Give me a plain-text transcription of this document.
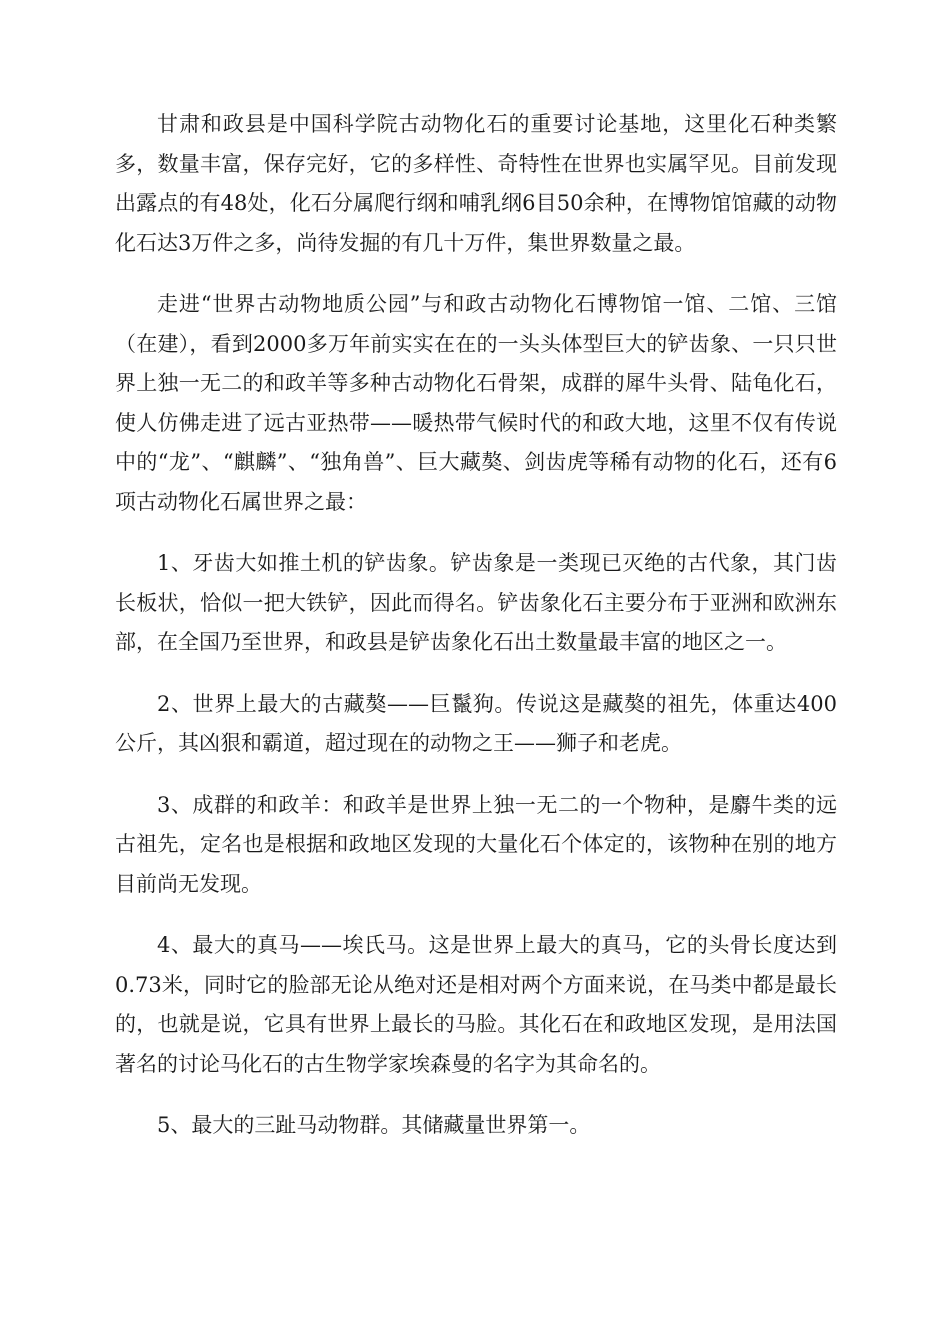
甘肃和政县是中国科学院古动物化石的重要讨论基地，这里化石种类繁多，数量丰富，保存完好，它的多样性、奇特性在世界也实属罕见。目前发现出露点的有48处，化石分属爬行纲和哺乳纲6目50余种，在博物馆馆藏的动物化石达3万件之多，尚待发掘的有几十万件，集世界数量之最。

走进“世界古动物地质公园”与和政古动物化石博物馆一馆、二馆、三馆（在建），看到2000多万年前实实在在的一头头体型巨大的铲齿象、一只只世界上独一无二的和政羊等多种古动物化石骨架，成群的犀牛头骨、陆龟化石，使人仿佛走进了远古亚热带——暖热带气候时代的和政大地，这里不仅有传说中的“龙”、“麒麟”、“独角兽”、巨大藏獒、剑齿虎等稀有动物的化石，还有6项古动物化石属世界之最：

1、牙齿大如推土机的铲齿象。铲齿象是一类现已灭绝的古代象，其门齿长板状，恰似一把大铁铲，因此而得名。铲齿象化石主要分布于亚洲和欧洲东部，在全国乃至世界，和政县是铲齿象化石出土数量最丰富的地区之一。

2、世界上最大的古藏獒——巨鬣狗。传说这是藏獒的祖先，体重达400公斤，其凶狠和霸道，超过现在的动物之王——狮子和老虎。

3、成群的和政羊：和政羊是世界上独一无二的一个物种，是麝牛类的远古祖先，定名也是根据和政地区发现的大量化石个体定的，该物种在别的地方目前尚无发现。

4、最大的真马——埃氏马。这是世界上最大的真马，它的头骨长度达到0.73米，同时它的脸部无论从绝对还是相对两个方面来说，在马类中都是最长的，也就是说，它具有世界上最长的马脸。其化石在和政地区发现，是用法国著名的讨论马化石的古生物学家埃森曼的名字为其命名的。

5、最大的三趾马动物群。其储藏量世界第一。
